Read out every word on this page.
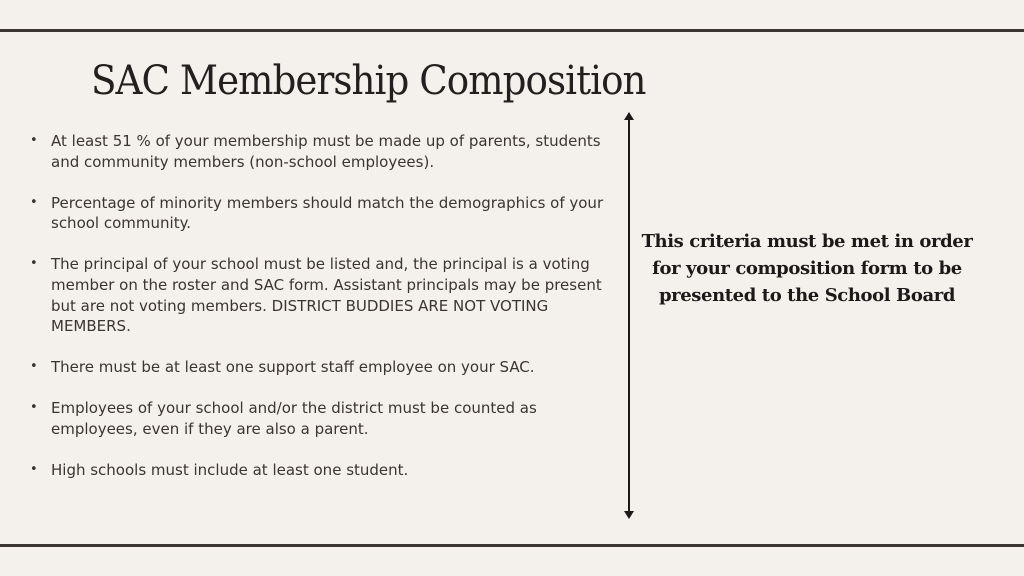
SAC Membership Composition
• At least 51 % of your membership must be made up of parents, students and community members (non-school employees).
• Percentage of minority members should match the demographics of your school community.
• The principal of your school must be listed and, the principal is a voting member on the roster and SAC form. Assistant principals may be present but are not voting members. DISTRICT BUDDIES ARE NOT VOTING MEMBERS.
• There must be at least one support staff employee on your SAC.
• Employees of your school and/or the district must be counted as employees, even if they are also a parent.
• High schools must include at least one student.
This criteria must be met in order for your composition form to be presented to the School Board
